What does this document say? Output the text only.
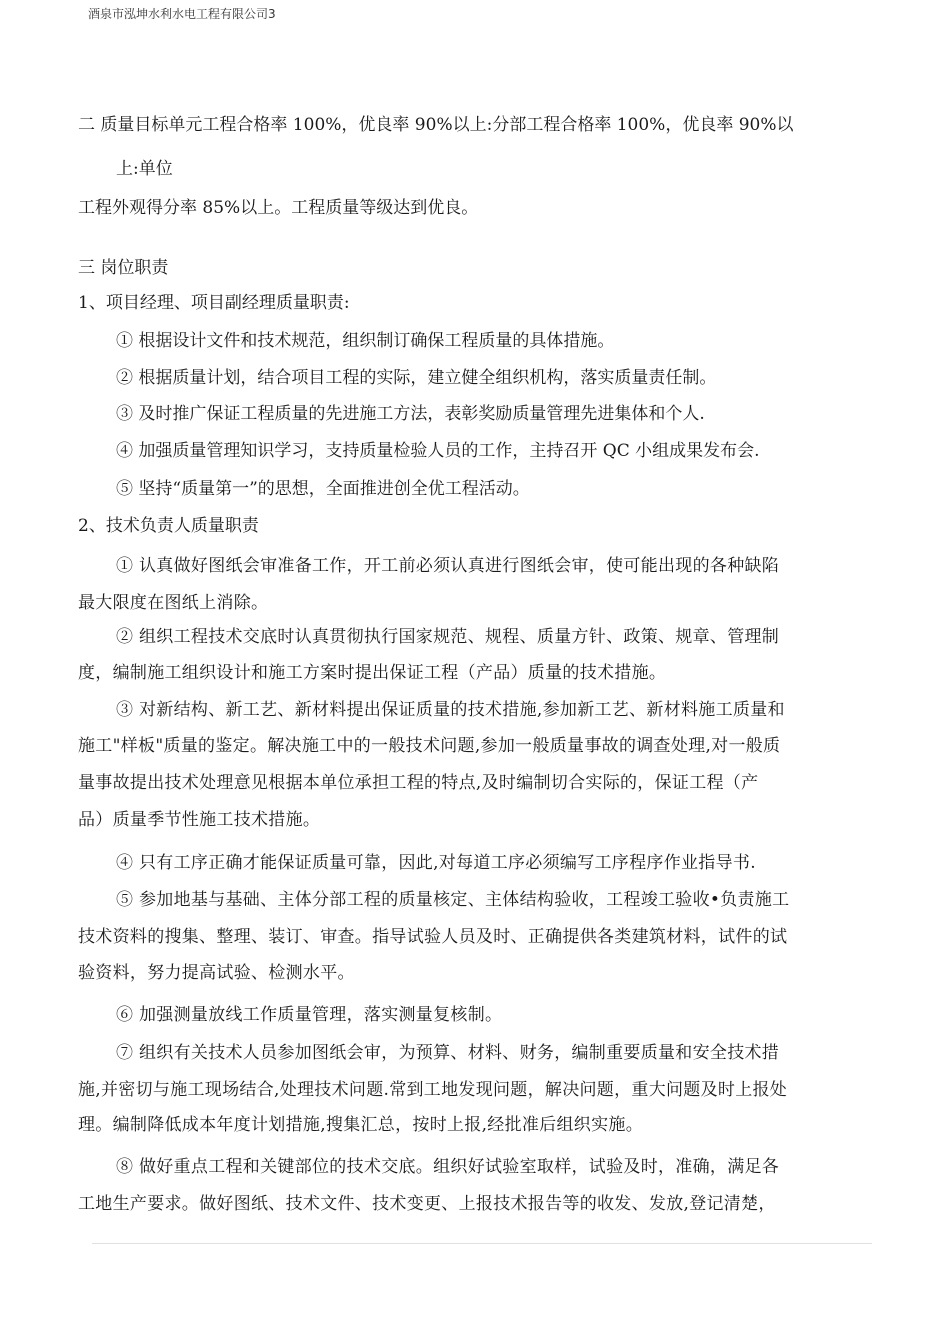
酒泉市泓坤水利水电工程有限公司3
二 质量目标单元工程合格率 100%，优良率 90%以上:分部工程合格率 100%，优良率 90%以
上:单位
工程外观得分率 85%以上。工程质量等级达到优良。
三 岗位职责
1、项目经理、项目副经理质量职责:
① 根据设计文件和技术规范，组织制订确保工程质量的具体措施。
② 根据质量计划，结合项目工程的实际，建立健全组织机构，落实质量责任制。
③ 及时推广保证工程质量的先进施工方法，表彰奖励质量管理先进集体和个人.
④ 加强质量管理知识学习，支持质量检验人员的工作，主持召开 QC 小组成果发布会.
⑤ 坚持“质量第一”的思想，全面推进创全优工程活动。
2、技术负责人质量职责
① 认真做好图纸会审准备工作，开工前必须认真进行图纸会审，使可能出现的各种缺陷
最大限度在图纸上消除。
② 组织工程技术交底时认真贯彻执行国家规范、规程、质量方针、政策、规章、管理制
度，编制施工组织设计和施工方案时提出保证工程（产品）质量的技术措施。
③ 对新结构、新工艺、新材料提出保证质量的技术措施,参加新工艺、新材料施工质量和
施工"样板"质量的鉴定。解决施工中的一般技术问题,参加一般质量事故的调查处理,对一般质
量事故提出技术处理意见根据本单位承担工程的特点,及时编制切合实际的，保证工程（产
品）质量季节性施工技术措施。
④ 只有工序正确才能保证质量可靠，因此,对每道工序必须编写工序程序作业指导书.
⑤ 参加地基与基础、主体分部工程的质量核定、主体结构验收，工程竣工验收•负责施工
技术资料的搜集、整理、装订、审查。指导试验人员及时、正确提供各类建筑材料，试件的试
验资料，努力提高试验、检测水平。
⑥ 加强测量放线工作质量管理，落实测量复核制。
⑦ 组织有关技术人员参加图纸会审，为预算、材料、财务，编制重要质量和安全技术措
施,并密切与施工现场结合,处理技术问题.常到工地发现问题，解决问题，重大问题及时上报处
理。编制降低成本年度计划措施,搜集汇总，按时上报,经批准后组织实施。
⑧ 做好重点工程和关键部位的技术交底。组织好试验室取样，试验及时，准确，满足各
工地生产要求。做好图纸、技术文件、技术变更、上报技术报告等的收发、发放,登记清楚，
